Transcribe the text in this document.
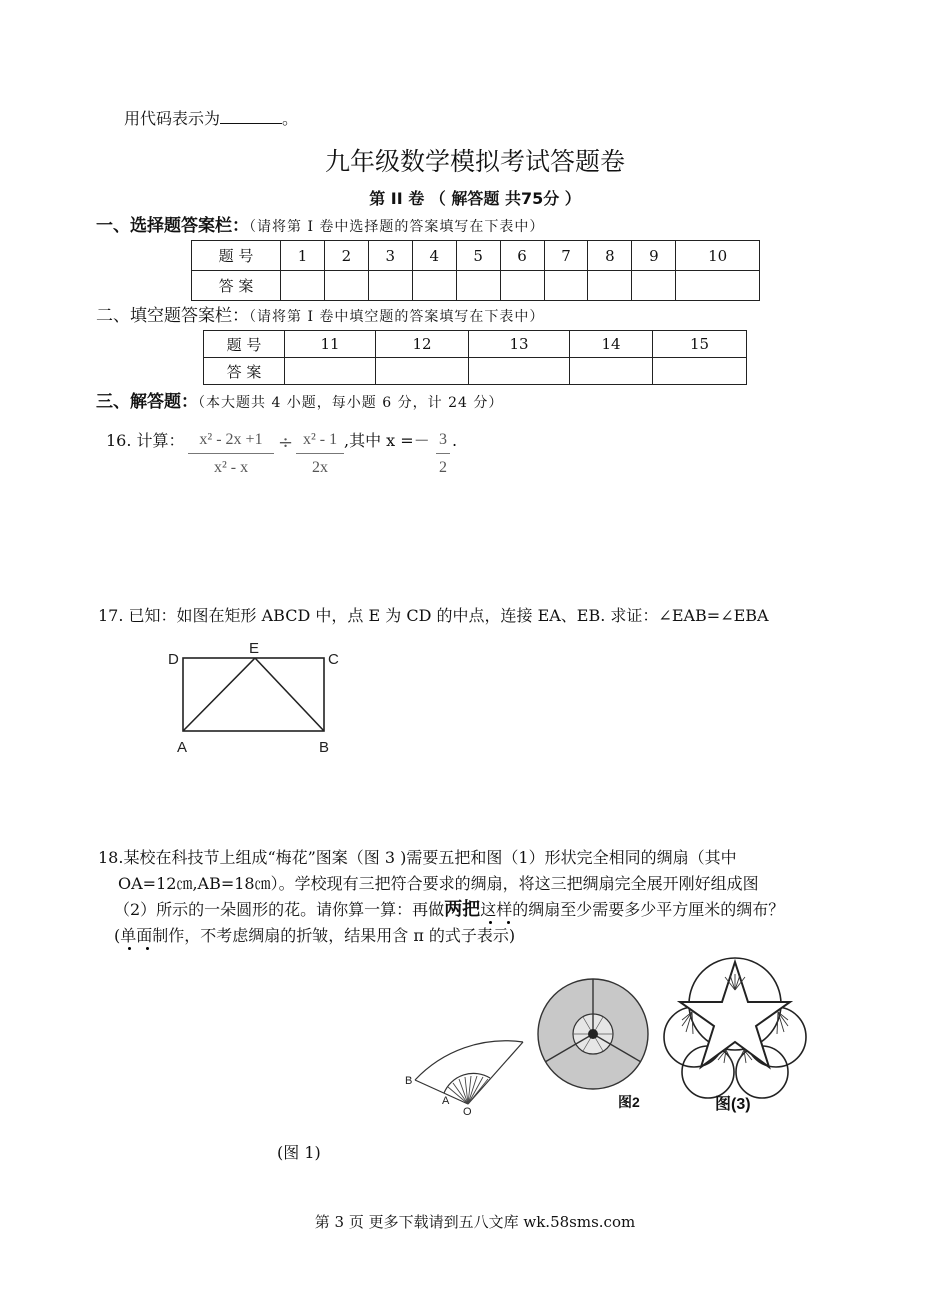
用代码表示为	。
九年级数学模拟考试答题卷
第 II 卷 （ 解答题 共75分 ）
一、选择题答案栏：（请将第 I 卷中选择题的答案填写在下表中）
题 号	1	2	3	4	5	6	7	8	9	10
答 案										
二、填空题答案栏：（请将第 I 卷中填空题的答案填写在下表中）
题 号	11	12	13	14	15
答 案					
三、解答题：（本大题共 4 小题，每小题 6 分，计 24 分）
16. 计算： x² - 2x +1
x² - x
÷ x² - 1
2x
,其中 x =－ 3
2
.
17. 已知：如图在矩形 ABCD 中，点 E 为 CD 的中点，连接 EA、EB. 求证：∠EAB=∠EBA
D
E
C
A	B
18.某校在科技节上组成“梅花”图案（图 3 )需要五把和图（1）形状完全相同的绸扇（其中
OA=12㎝,AB=18㎝）。学校现有三把符合要求的绸扇，将这三把绸扇完全展开刚好组成图
（2）所示的一朵圆形的花。请你算一算：再做两把这样的绸扇至少需要多少平方厘米的绸布？
(单面制作，不考虑绸扇的折皱，结果用含 π 的式子表示)
B
A
O
(图 1)
图2	图(3)
第 3 页 更多下载请到五八文库 wk.58sms.com
